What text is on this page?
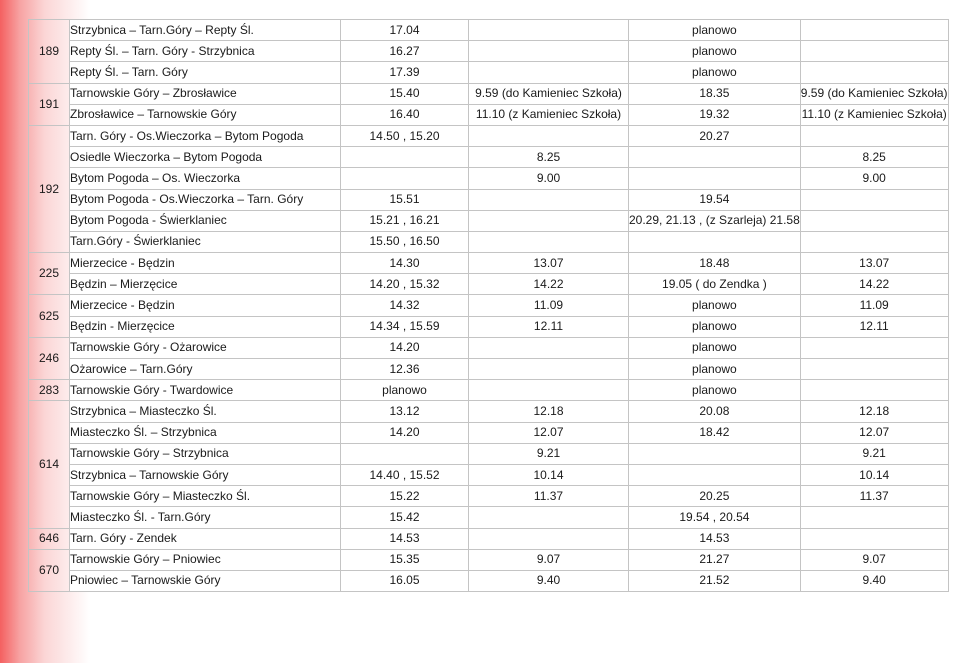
189	Strzybnica – Tarn.Góry – Repty Śl.	17.04		planowo	
	Repty Śl. – Tarn. Góry - Strzybnica	16.27		planowo	
	Repty Śl. – Tarn. Góry	17.39		planowo	
191	Tarnowskie Góry – Zbrosławice	15.40	9.59 (do Kamieniec Szkoła)	18.35	9.59 (do Kamieniec Szkoła)
	Zbrosławice – Tarnowskie Góry	16.40	11.10 (z Kamieniec Szkoła)	19.32	11.10 (z Kamieniec Szkoła)
192	Tarn. Góry - Os.Wieczorka – Bytom Pogoda	14.50 , 15.20		20.27	
	Osiedle Wieczorka – Bytom Pogoda		8.25		8.25
	Bytom Pogoda – Os. Wieczorka		9.00		9.00
	Bytom Pogoda - Os.Wieczorka – Tarn. Góry	15.51		19.54	
	Bytom Pogoda - Świerklaniec	15.21 , 16.21		20.29, 21.13 , (z Szarleja) 21.58	
	Tarn.Góry - Świerklaniec	15.50 , 16.50			
225	Mierzecice - Będzin	14.30	13.07	18.48	13.07
	Będzin – Mierzęcice	14.20 , 15.32	14.22	19.05 ( do Zendka )	14.22
625	Mierzecice - Będzin	14.32	11.09	planowo	11.09
	Będzin - Mierzęcice	14.34 , 15.59	12.11	planowo	12.11
246	Tarnowskie Góry - Ożarowice	14.20		planowo	
	Ożarowice – Tarn.Góry	12.36		planowo	
283	Tarnowskie Góry - Twardowice	planowo		planowo	
614	Strzybnica – Miasteczko Śl.	13.12	12.18	20.08	12.18
	Miasteczko Śl. – Strzybnica	14.20	12.07	18.42	12.07
	Tarnowskie Góry – Strzybnica		9.21		9.21
	Strzybnica – Tarnowskie Góry	14.40 , 15.52	10.14		10.14
	Tarnowskie Góry – Miasteczko Śl.	15.22	11.37	20.25	11.37
	Miasteczko Śl. - Tarn.Góry	15.42		19.54 , 20.54	
646	Tarn. Góry - Zendek	14.53		14.53	
670	Tarnowskie Góry – Pniowiec	15.35	9.07	21.27	9.07
	Pniowiec – Tarnowskie Góry	16.05	9.40	21.52	9.40
